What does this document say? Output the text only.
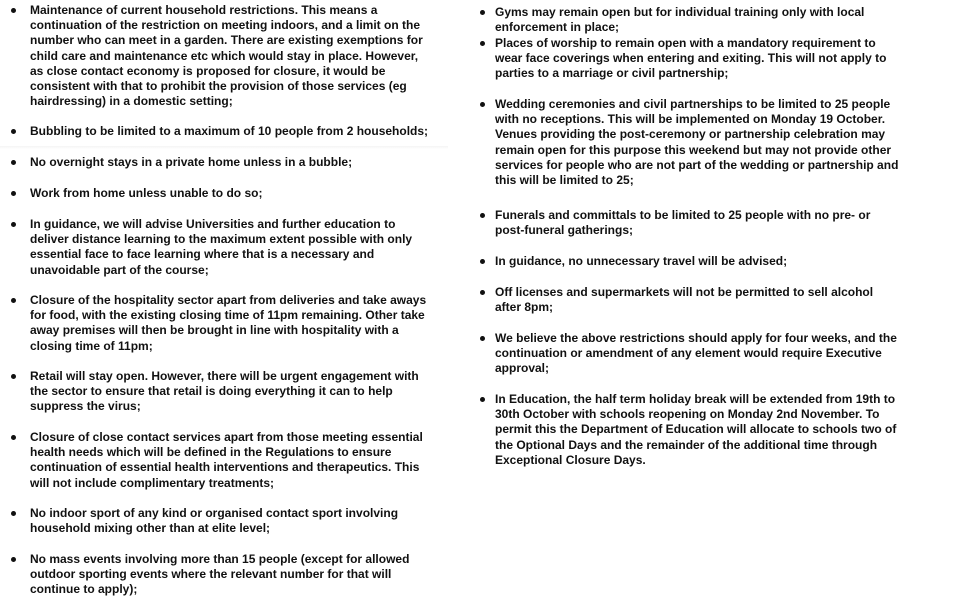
Maintenance of current household restrictions. This means a
continuation of the restriction on meeting indoors, and a limit on the
number who can meet in a garden. There are existing exemptions for
child care and maintenance etc which would stay in place. However,
as close contact economy is proposed for closure, it would be
consistent with that to prohibit the provision of those services (eg
hairdressing) in a domestic setting;
Bubbling to be limited to a maximum of 10 people from 2 households;
No overnight stays in a private home unless in a bubble;
Work from home unless unable to do so;
In guidance, we will advise Universities and further education to
deliver distance learning to the maximum extent possible with only
essential face to face learning where that is a necessary and
unavoidable part of the course;
Closure of the hospitality sector apart from deliveries and take aways
for food, with the existing closing time of 11pm remaining. Other take
away premises will then be brought in line with hospitality with a
closing time of 11pm;
Retail will stay open. However, there will be urgent engagement with
the sector to ensure that retail is doing everything it can to help
suppress the virus;
Closure of close contact services apart from those meeting essential
health needs which will be defined in the Regulations to ensure
continuation of essential health interventions and therapeutics. This
will not include complimentary treatments;
No indoor sport of any kind or organised contact sport involving
household mixing other than at elite level;
No mass events involving more than 15 people (except for allowed
outdoor sporting events where the relevant number for that will
continue to apply);
Gyms may remain open but for individual training only with local
enforcement in place;
Places of worship to remain open with a mandatory requirement to
wear face coverings when entering and exiting. This will not apply to
parties to a marriage or civil partnership;
Wedding ceremonies and civil partnerships to be limited to 25 people
with no receptions. This will be implemented on Monday 19 October.
Venues providing the post-ceremony or partnership celebration may
remain open for this purpose this weekend but may not provide other
services for people who are not part of the wedding or partnership and
this will be limited to 25;
Funerals and committals to be limited to 25 people with no pre- or
post-funeral gatherings;
In guidance, no unnecessary travel will be advised;
Off licenses and supermarkets will not be permitted to sell alcohol
after 8pm;
We believe the above restrictions should apply for four weeks, and the
continuation or amendment of any element would require Executive
approval;
In Education, the half term holiday break will be extended from 19th to
30th October with schools reopening on Monday 2nd November. To
permit this the Department of Education will allocate to schools two of
the Optional Days and the remainder of the additional time through
Exceptional Closure Days.
